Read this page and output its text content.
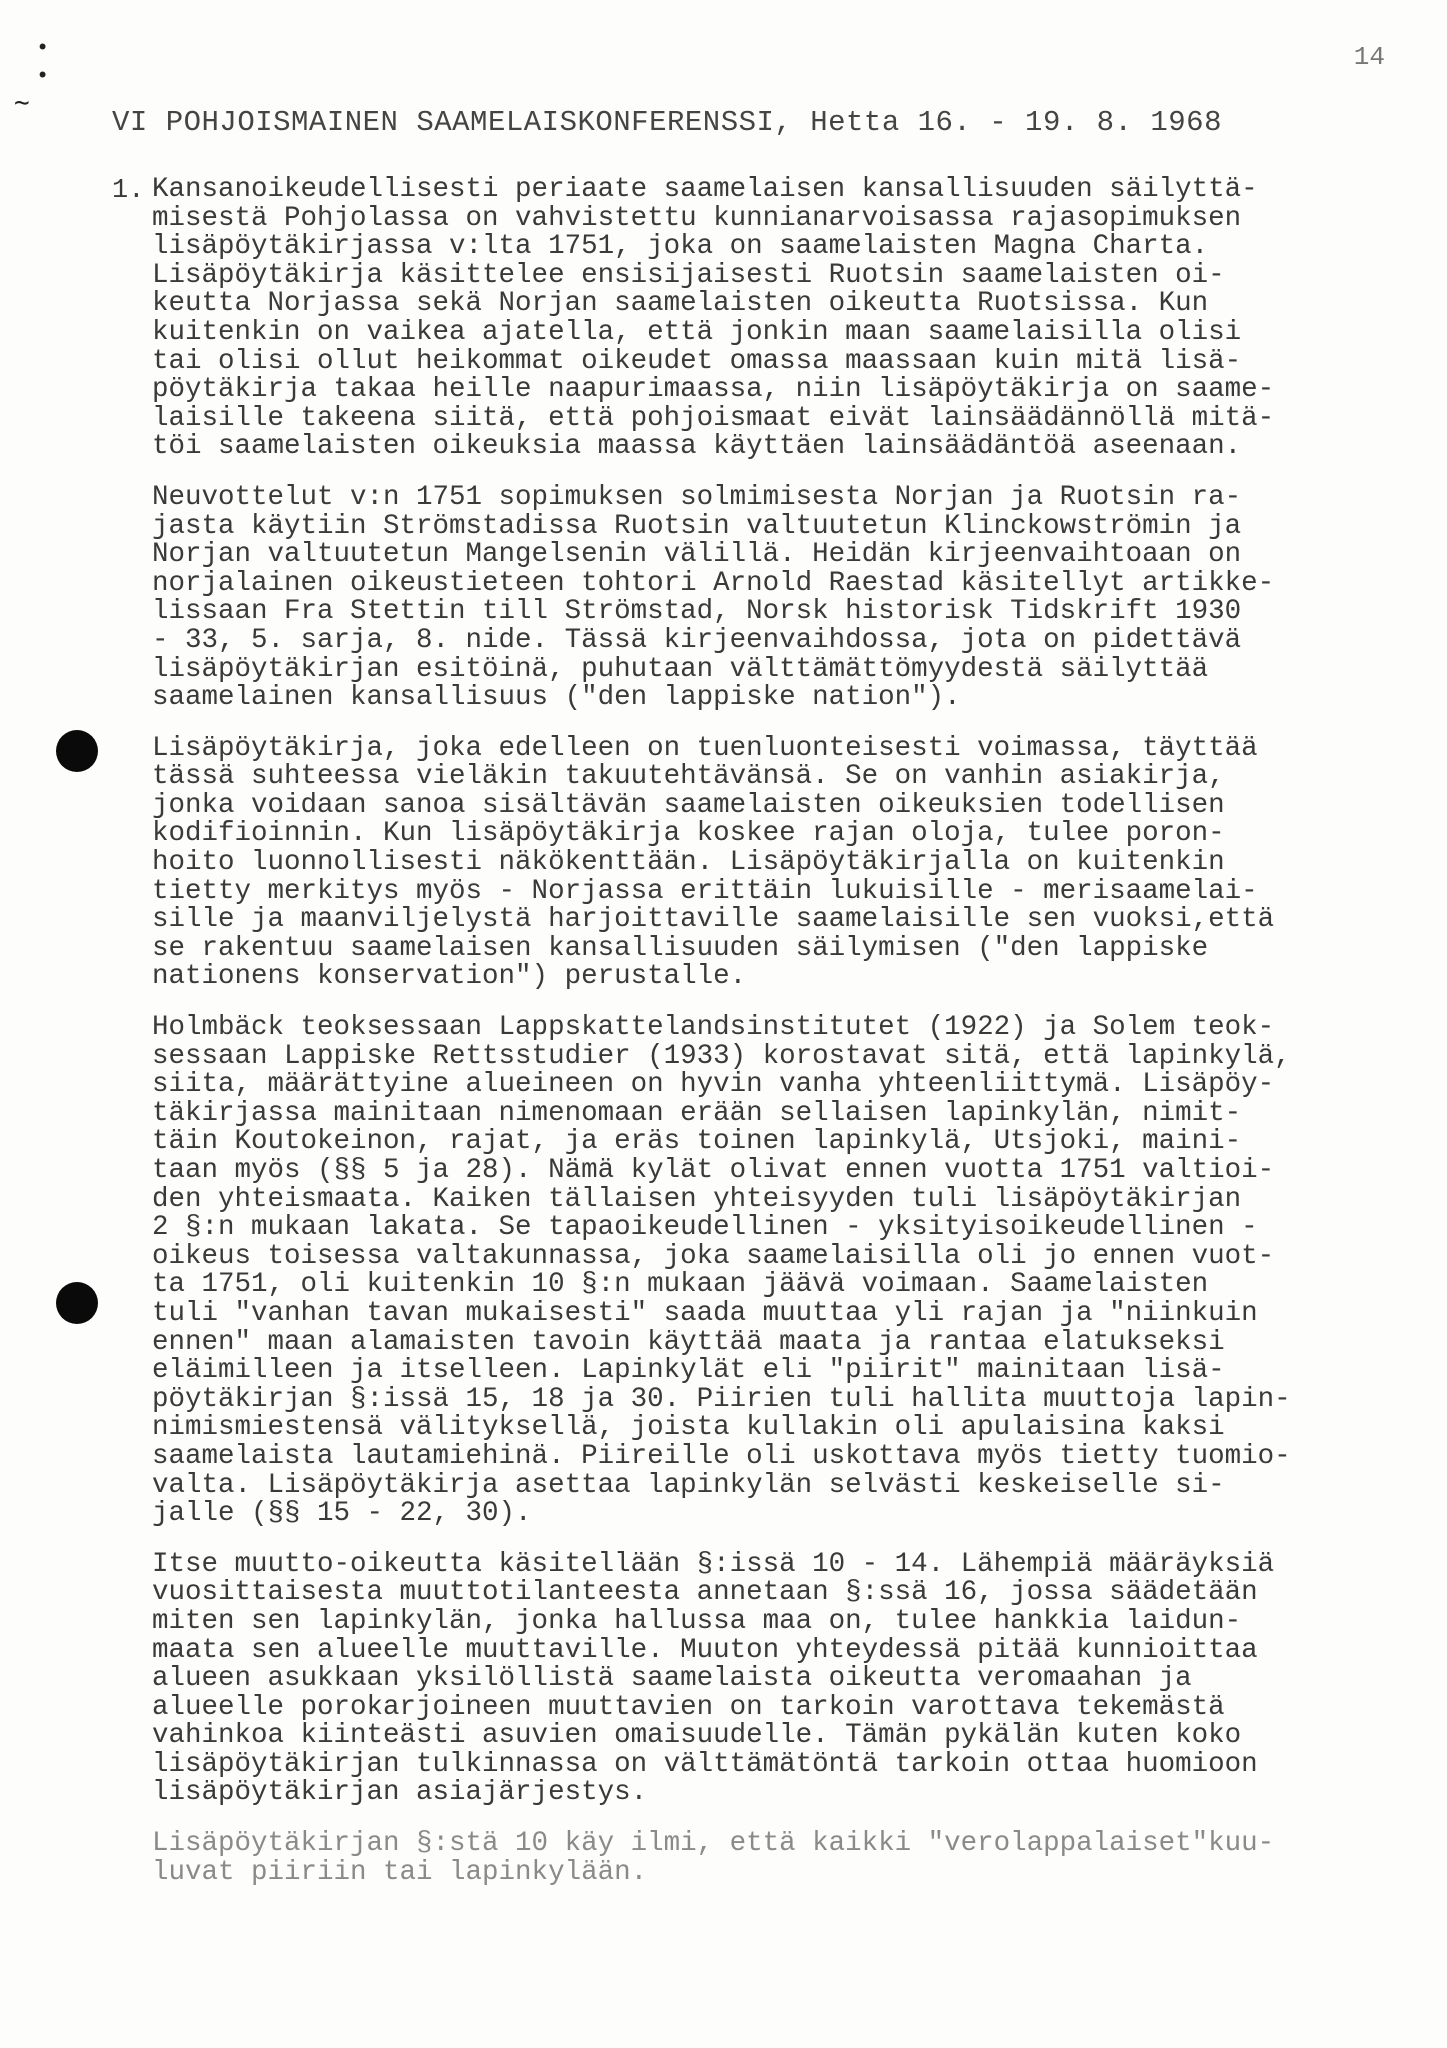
•
•
∼
14
VI POHJOISMAINEN SAAMELAISKONFERENSSI, Hetta 16. - 19. 8. 1968
1. Kansanoikeudellisesti periaate saamelaisen kansallisuuden säilyttä-
misestä Pohjolassa on vahvistettu kunnianarvoisassa rajasopimuksen
lisäpöytäkirjassa v:lta 1751, joka on saamelaisten Magna Charta.
Lisäpöytäkirja käsittelee ensisijaisesti Ruotsin saamelaisten oi-
keutta Norjassa sekä Norjan saamelaisten oikeutta Ruotsissa. Kun
kuitenkin on vaikea ajatella, että jonkin maan saamelaisilla olisi
tai olisi ollut heikommat oikeudet omassa maassaan kuin mitä lisä-
pöytäkirja takaa heille naapurimaassa, niin lisäpöytäkirja on saame-
laisille takeena siitä, että pohjoismaat eivät lainsäädännöllä mitä-
töi saamelaisten oikeuksia maassa käyttäen lainsäädäntöä aseenaan.
Neuvottelut v:n 1751 sopimuksen solmimisesta Norjan ja Ruotsin ra-
jasta käytiin Strömstadissa Ruotsin valtuutetun Klinckowströmin ja
Norjan valtuutetun Mangelsenin välillä. Heidän kirjeenvaihtoaan on
norjalainen oikeustieteen tohtori Arnold Raestad käsitellyt artikke-
lissaan Fra Stettin till Strömstad, Norsk historisk Tidskrift 1930
- 33, 5. sarja, 8. nide. Tässä kirjeenvaihdossa, jota on pidettävä
lisäpöytäkirjan esitöinä, puhutaan välttämättömyydestä säilyttää
saamelainen kansallisuus ("den lappiske nation").
Lisäpöytäkirja, joka edelleen on tuenluonteisesti voimassa, täyttää
tässä suhteessa vieläkin takuutehtävänsä. Se on vanhin asiakirja,
jonka voidaan sanoa sisältävän saamelaisten oikeuksien todellisen
kodifioinnin. Kun lisäpöytäkirja koskee rajan oloja, tulee poron-
hoito luonnollisesti näkökenttään. Lisäpöytäkirjalla on kuitenkin
tietty merkitys myös - Norjassa erittäin lukuisille - merisaamelai-
sille ja maanviljelystä harjoittaville saamelaisille sen vuoksi,että
se rakentuu saamelaisen kansallisuuden säilymisen ("den lappiske
nationens konservation") perustalle.
Holmbäck teoksessaan Lappskattelandsinstitutet (1922) ja Solem teok-
sessaan Lappiske Rettsstudier (1933) korostavat sitä, että lapinkylä,
siita, määrättyine alueineen on hyvin vanha yhteenliittymä. Lisäpöy-
täkirjassa mainitaan nimenomaan erään sellaisen lapinkylän, nimit-
täin Koutokeinon, rajat, ja eräs toinen lapinkylä, Utsjoki, maini-
taan myös (§§ 5 ja 28). Nämä kylät olivat ennen vuotta 1751 valtioi-
den yhteismaata. Kaiken tällaisen yhteisyyden tuli lisäpöytäkirjan
2 §:n mukaan lakata. Se tapaoikeudellinen - yksityisoikeudellinen -
oikeus toisessa valtakunnassa, joka saamelaisilla oli jo ennen vuot-
ta 1751, oli kuitenkin 10 §:n mukaan jäävä voimaan. Saamelaisten
tuli "vanhan tavan mukaisesti" saada muuttaa yli rajan ja "niinkuin
ennen" maan alamaisten tavoin käyttää maata ja rantaa elatukseksi
eläimilleen ja itselleen. Lapinkylät eli "piirit" mainitaan lisä-
pöytäkirjan §:issä 15, 18 ja 30. Piirien tuli hallita muuttoja lapin-
nimismiestensä välityksellä, joista kullakin oli apulaisina kaksi
saamelaista lautamiehinä. Piireille oli uskottava myös tietty tuomio-
valta. Lisäpöytäkirja asettaa lapinkylän selvästi keskeiselle si-
jalle (§§ 15 - 22, 30).
Itse muutto-oikeutta käsitellään §:issä 10 - 14. Lähempiä määräyksiä
vuosittaisesta muuttotilanteesta annetaan §:ssä 16, jossa säädetään
miten sen lapinkylän, jonka hallussa maa on, tulee hankkia laidun-
maata sen alueelle muuttaville. Muuton yhteydessä pitää kunnioittaa
alueen asukkaan yksilöllistä saamelaista oikeutta veromaahan ja
alueelle porokarjoineen muuttavien on tarkoin varottava tekemästä
vahinkoa kiinteästi asuvien omaisuudelle. Tämän pykälän kuten koko
lisäpöytäkirjan tulkinnassa on välttämätöntä tarkoin ottaa huomioon
lisäpöytäkirjan asiajärjestys.
Lisäpöytäkirjan §:stä 10 käy ilmi, että kaikki "verolappalaiset"kuu-
luvat piiriin tai lapinkylään.
